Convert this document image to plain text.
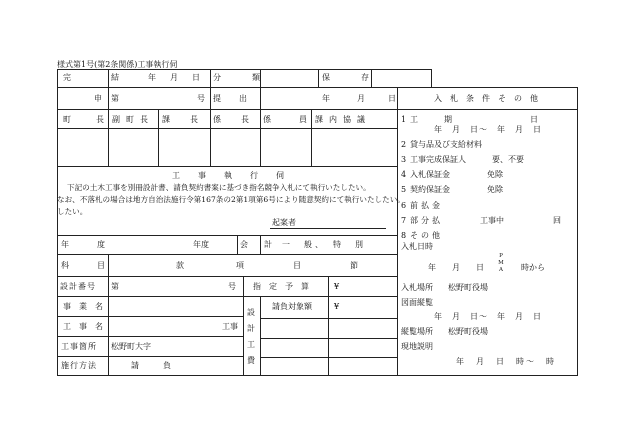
様式第1号(第2条関係)工事執行伺
完　　結	年　月　日 分　　類	保　　存
申 第	号 提　出	年	月	日	入札条件その他
町　　長 副町長 課　長 係　長 係　　員 課内協議
工　事　執　行　伺
下記の土木工事を別冊設計書、請負契約書案に基づき指名競争入札にて執行いたしたい。
なお、不落札の場合は地方自治法施行令第167条の2第1項第6号により随意契約にて執行いたしたい。
したい。
起案者
年　　度	年度	会　　計 一　般、　特　別
科　　目	款	項	目	節
設計番号 第	号 指　定　予　算	¥
事　業　名	請負対象額	¥
工　事　名	工事
工事箇所 松野町大字
施行方法	請　　　負
設
計
工
費
1 工　期	日
年　月　日〜　年　月　日
2 貸与品及び支給材料
3 工事完成保証人	要、不要
4 入札保証金	免除
5 契約保証金	免除
6 前払金
7 部分払	工事中	回
8 その他
入札日時
年　月　日
P
M
A 時から
入札場所 松野町役場
図面縦覧
年　月　日〜　年　月　日
縦覧場所 松野町役場
現地説明
年　月　日　時〜　時
